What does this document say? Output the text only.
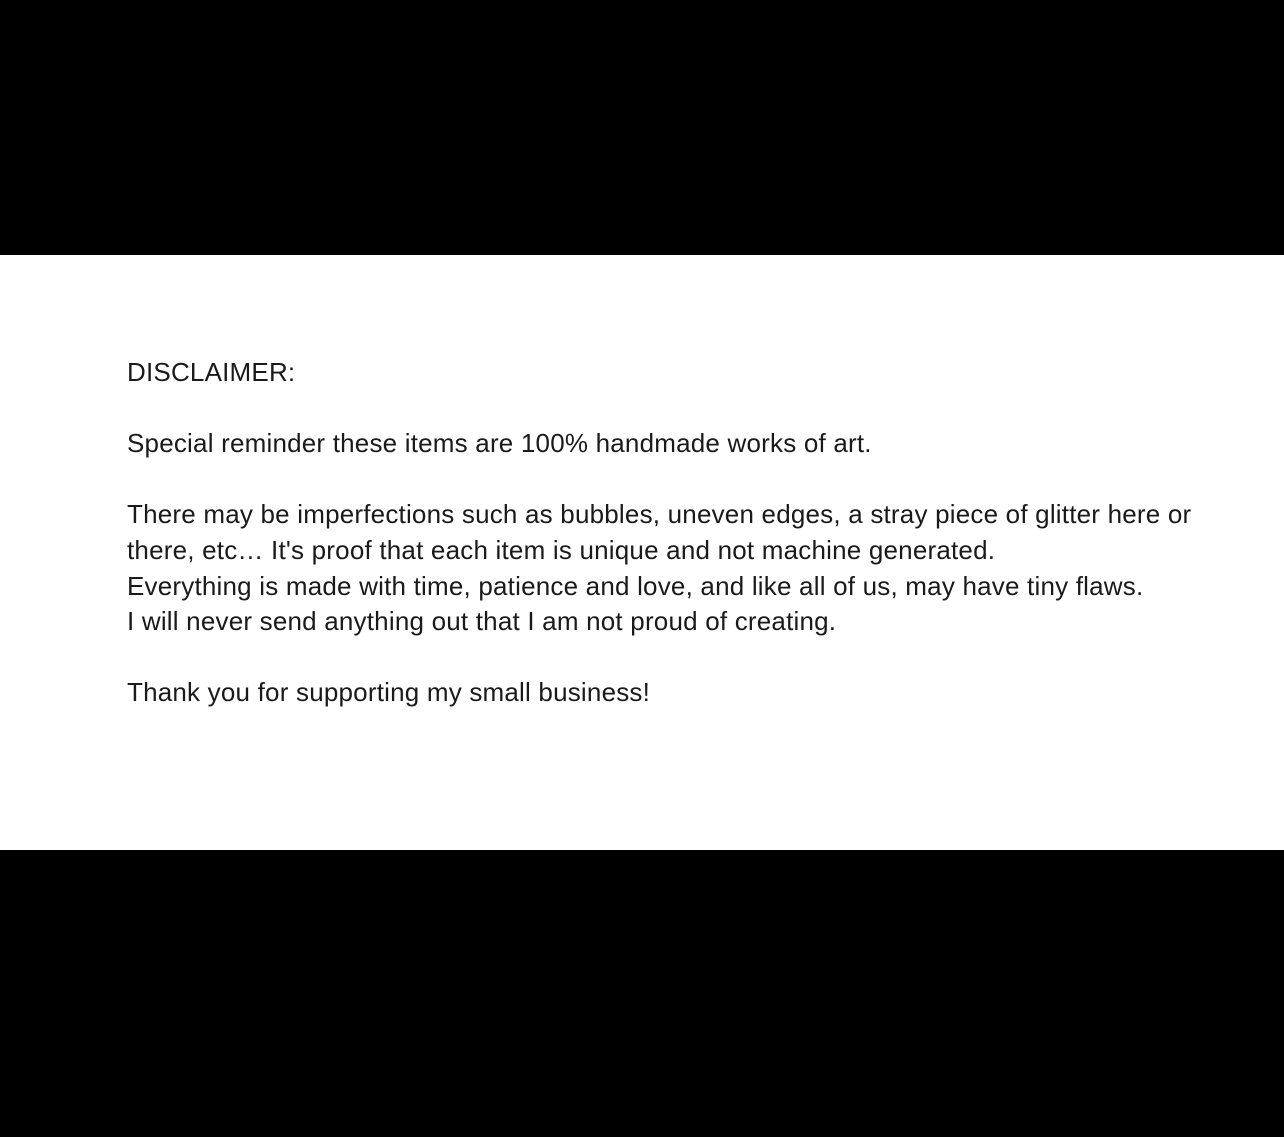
DISCLAIMER:

Special reminder these items are 100% handmade works of art.

There may be imperfections such as bubbles, uneven edges, a stray piece of glitter here or

there, etc… It's proof that each item is unique and not machine generated.

Everything is made with time, patience and love, and like all of us, may have tiny flaws.

I will never send anything out that I am not proud of creating.

Thank you for supporting my small business!
